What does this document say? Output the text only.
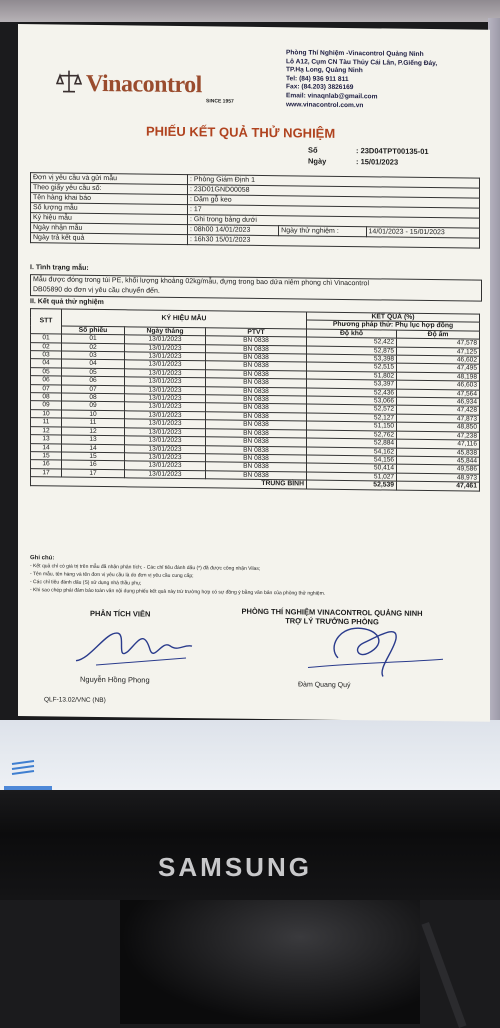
SAMSUNG
Vinacontrol
SINCE 1957
Phòng Thí Nghiệm -Vinacontrol Quảng Ninh
Lô A12, Cụm CN Tàu Thủy Cái Lân, P.Giếng Đáy,
TP.Hạ Long, Quảng Ninh
Tel: (84) 936 911 811
Fax: (84.203) 3826169
Email: vinaqnlab@gmail.com
www.vinacontrol.com.vn
PHIẾU KẾT QUẢ THỬ NGHIỆM
Số	: 23D04TPT00135-01
Ngày	: 15/01/2023
Đơn vị yêu cầu và gửi mẫu	: Phòng Giám Định 1		
Theo giấy yêu cầu số:	: 23D01GND00058		
Tên hàng khai báo	: Dăm gỗ keo		
Số lượng mẫu	: 17		
Ký hiệu mẫu	: Ghi trong bảng dưới		
Ngày nhận mẫu	: 08h00 14/01/2023	Ngày thử nghiệm :	14/01/2023 - 15/01/2023
Ngày trả kết quả	: 16h30 15/01/2023		
I. Tình trạng mẫu:
Mẫu được đóng trong túi PE, khối lượng khoảng 02kg/mẫu, đựng trong bao dứa niêm phong chì Vinacontrol
DB05890 do đơn vị yêu cầu chuyển đến.
II. Kết quả thử nghiệm
STT	KÝ HIỆU MẪU			KẾT QUẢ (%)	
				Phương pháp thử: Phụ lục hợp đồng	
	Số phiếu	Ngày tháng	PTVT	Độ khô	Độ ẩm
01	01	13/01/2023	BN 0838	52,422	47,578
02	02	13/01/2023	BN 0838	52,875	47,125
03	03	13/01/2023	BN 0838	53,398	46,602
04	04	13/01/2023	BN 0838	52,515	47,495
05	05	13/01/2023	BN 0838	51,802	48,198
06	06	13/01/2023	BN 0838	53,397	46,603
07	07	13/01/2023	BN 0838	52,436	47,564
08	08	13/01/2023	BN 0838	53,066	46,934
09	09	13/01/2023	BN 0838	52,572	47,428
10	10	13/01/2023	BN 0838	52,127	47,873
11	11	13/01/2023	BN 0838	51,150	48,850
12	12	13/01/2023	BN 0838	52,762	47,238
13	13	13/01/2023	BN 0838	52,884	47,116
14	14	13/01/2023	BN 0838	54,162	45,838
15	15	13/01/2023	BN 0838	54,156	45,844
16	16	13/01/2023	BN 0838	50,414	49,586
17	17	13/01/2023	BN 0838	51,027	48,973
TRUNG BÌNH				52,539	47,461
Ghi chú:
- Kết quả chỉ có giá trị trên mẫu đã nhận phân tích; - Các chỉ tiêu đánh dấu (*) đã được công nhận Vilas;
- Tên mẫu, tên hàng và tên đơn vị yêu cầu là do đơn vị yêu cầu cung cấp;
- Các chỉ tiêu đánh dấu (S) sử dụng nhà thầu phụ;
- Khi sao chép phải đảm bảo toàn văn nội dung phiếu kết quả này trừ trường hợp có sự đồng ý bằng văn bản của phòng thử nghiệm.
PHÂN TÍCH VIÊN	PHÒNG THÍ NGHIỆM VINACONTROL QUẢNG NINH
TRỢ LÝ TRƯỞNG PHÒNG
Nguyễn Hồng Phong
Đàm Quang Quý
QLF-13.02/VNC (NB)
